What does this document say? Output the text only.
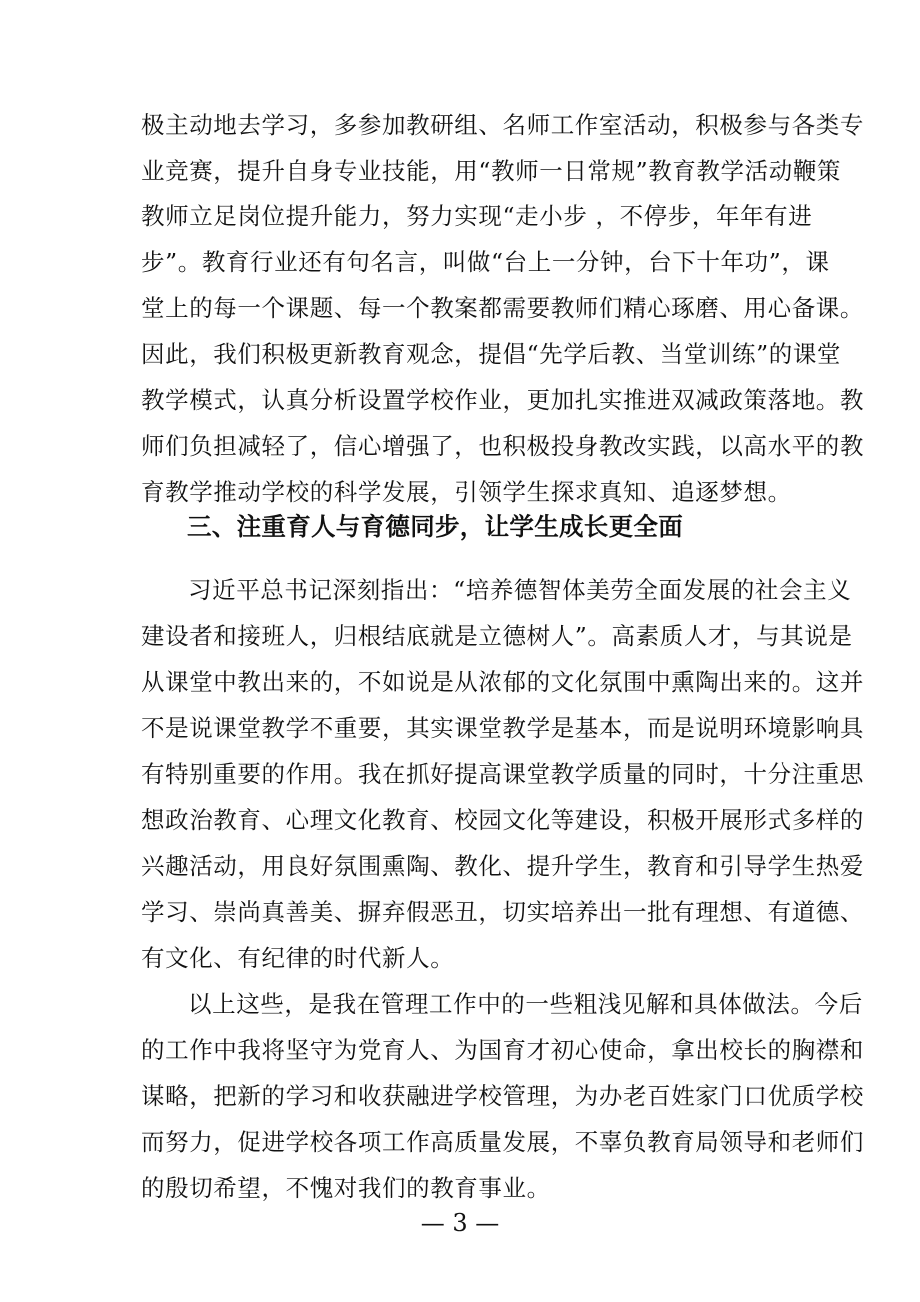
极主动地去学习，多参加教研组、名师工作室活动，积极参与各类专
业竞赛，提升自身专业技能，用“教师一日常规”教育教学活动鞭策
教师立足岗位提升能力，努力实现“走小步 ，不停步，年年有进
步”。教育行业还有句名言，叫做“台上一分钟，台下十年功”，课
堂上的每一个课题、每一个教案都需要教师们精心琢磨、用心备课。
因此，我们积极更新教育观念，提倡“先学后教、当堂训练”的课堂
教学模式，认真分析设置学校作业，更加扎实推进双减政策落地。教
师们负担减轻了，信心增强了，也积极投身教改实践，以高水平的教
育教学推动学校的科学发展，引领学生探求真知、追逐梦想。
三、注重育人与育德同步，让学生成长更全面
习近平总书记深刻指出：“培养德智体美劳全面发展的社会主义
建设者和接班人，归根结底就是立德树人”。高素质人才，与其说是
从课堂中教出来的，不如说是从浓郁的文化氛围中熏陶出来的。这并
不是说课堂教学不重要，其实课堂教学是基本，而是说明环境影响具
有特别重要的作用。我在抓好提高课堂教学质量的同时，十分注重思
想政治教育、心理文化教育、校园文化等建设，积极开展形式多样的
兴趣活动，用良好氛围熏陶、教化、提升学生，教育和引导学生热爱
学习、崇尚真善美、摒弃假恶丑，切实培养出一批有理想、有道德、
有文化、有纪律的时代新人。
以上这些，是我在管理工作中的一些粗浅见解和具体做法。今后
的工作中我将坚守为党育人、为国育才初心使命，拿出校长的胸襟和
谋略，把新的学习和收获融进学校管理，为办老百姓家门口优质学校
而努力，促进学校各项工作高质量发展，不辜负教育局领导和老师们
的殷切希望，不愧对我们的教育事业。
— 3 —
